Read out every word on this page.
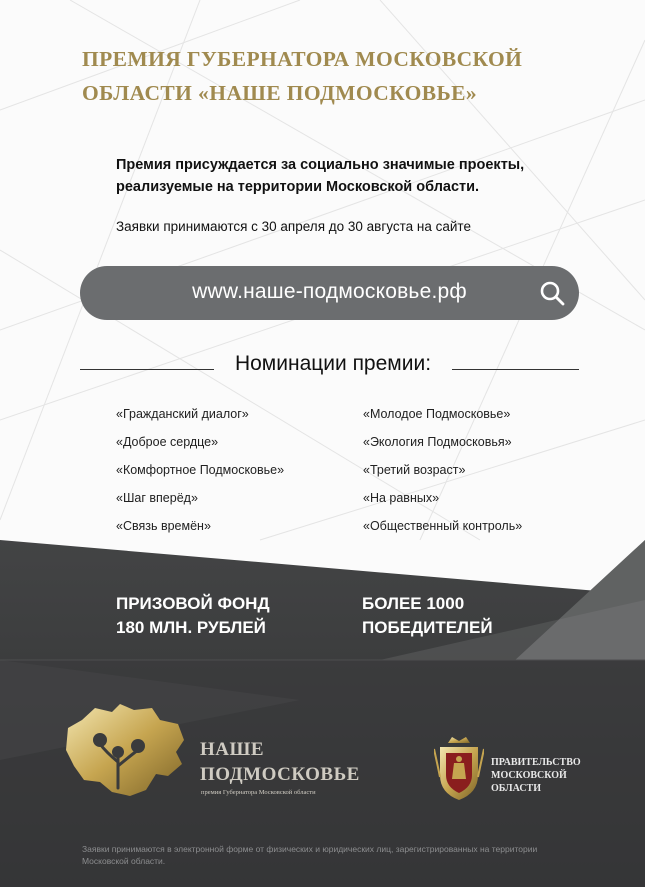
ПРЕМИЯ ГУБЕРНАТОРА МОСКОВСКОЙ
ОБЛАСТИ «НАШЕ ПОДМОСКОВЬЕ»
Премия присуждается за социально значимые проекты,
реализуемые на территории Московской области.
Заявки принимаются с 30 апреля до 30 августа на сайте
www.наше-подмосковье.рф
Номинации премии:
«Гражданский диалог»
«Доброе сердце»
«Комфортное Подмосковье»
«Шаг вперёд»
«Связь времён»
«Молодое Подмосковье»
«Экология Подмосковья»
«Третий возраст»
«На равных»
«Общественный контроль»
ПРИЗОВОЙ ФОНД
180 МЛН. РУБЛЕЙ
БОЛЕЕ 1000
ПОБЕДИТЕЛЕЙ
НАШЕ
ПОДМОСКОВЬЕ
премия Губернатора Московской области
ПРАВИТЕЛЬСТВО
МОСКОВСКОЙ
ОБЛАСТИ
Заявки принимаются в электронной форме от физических и юридических лиц, зарегистрированных на территории Московской области.
